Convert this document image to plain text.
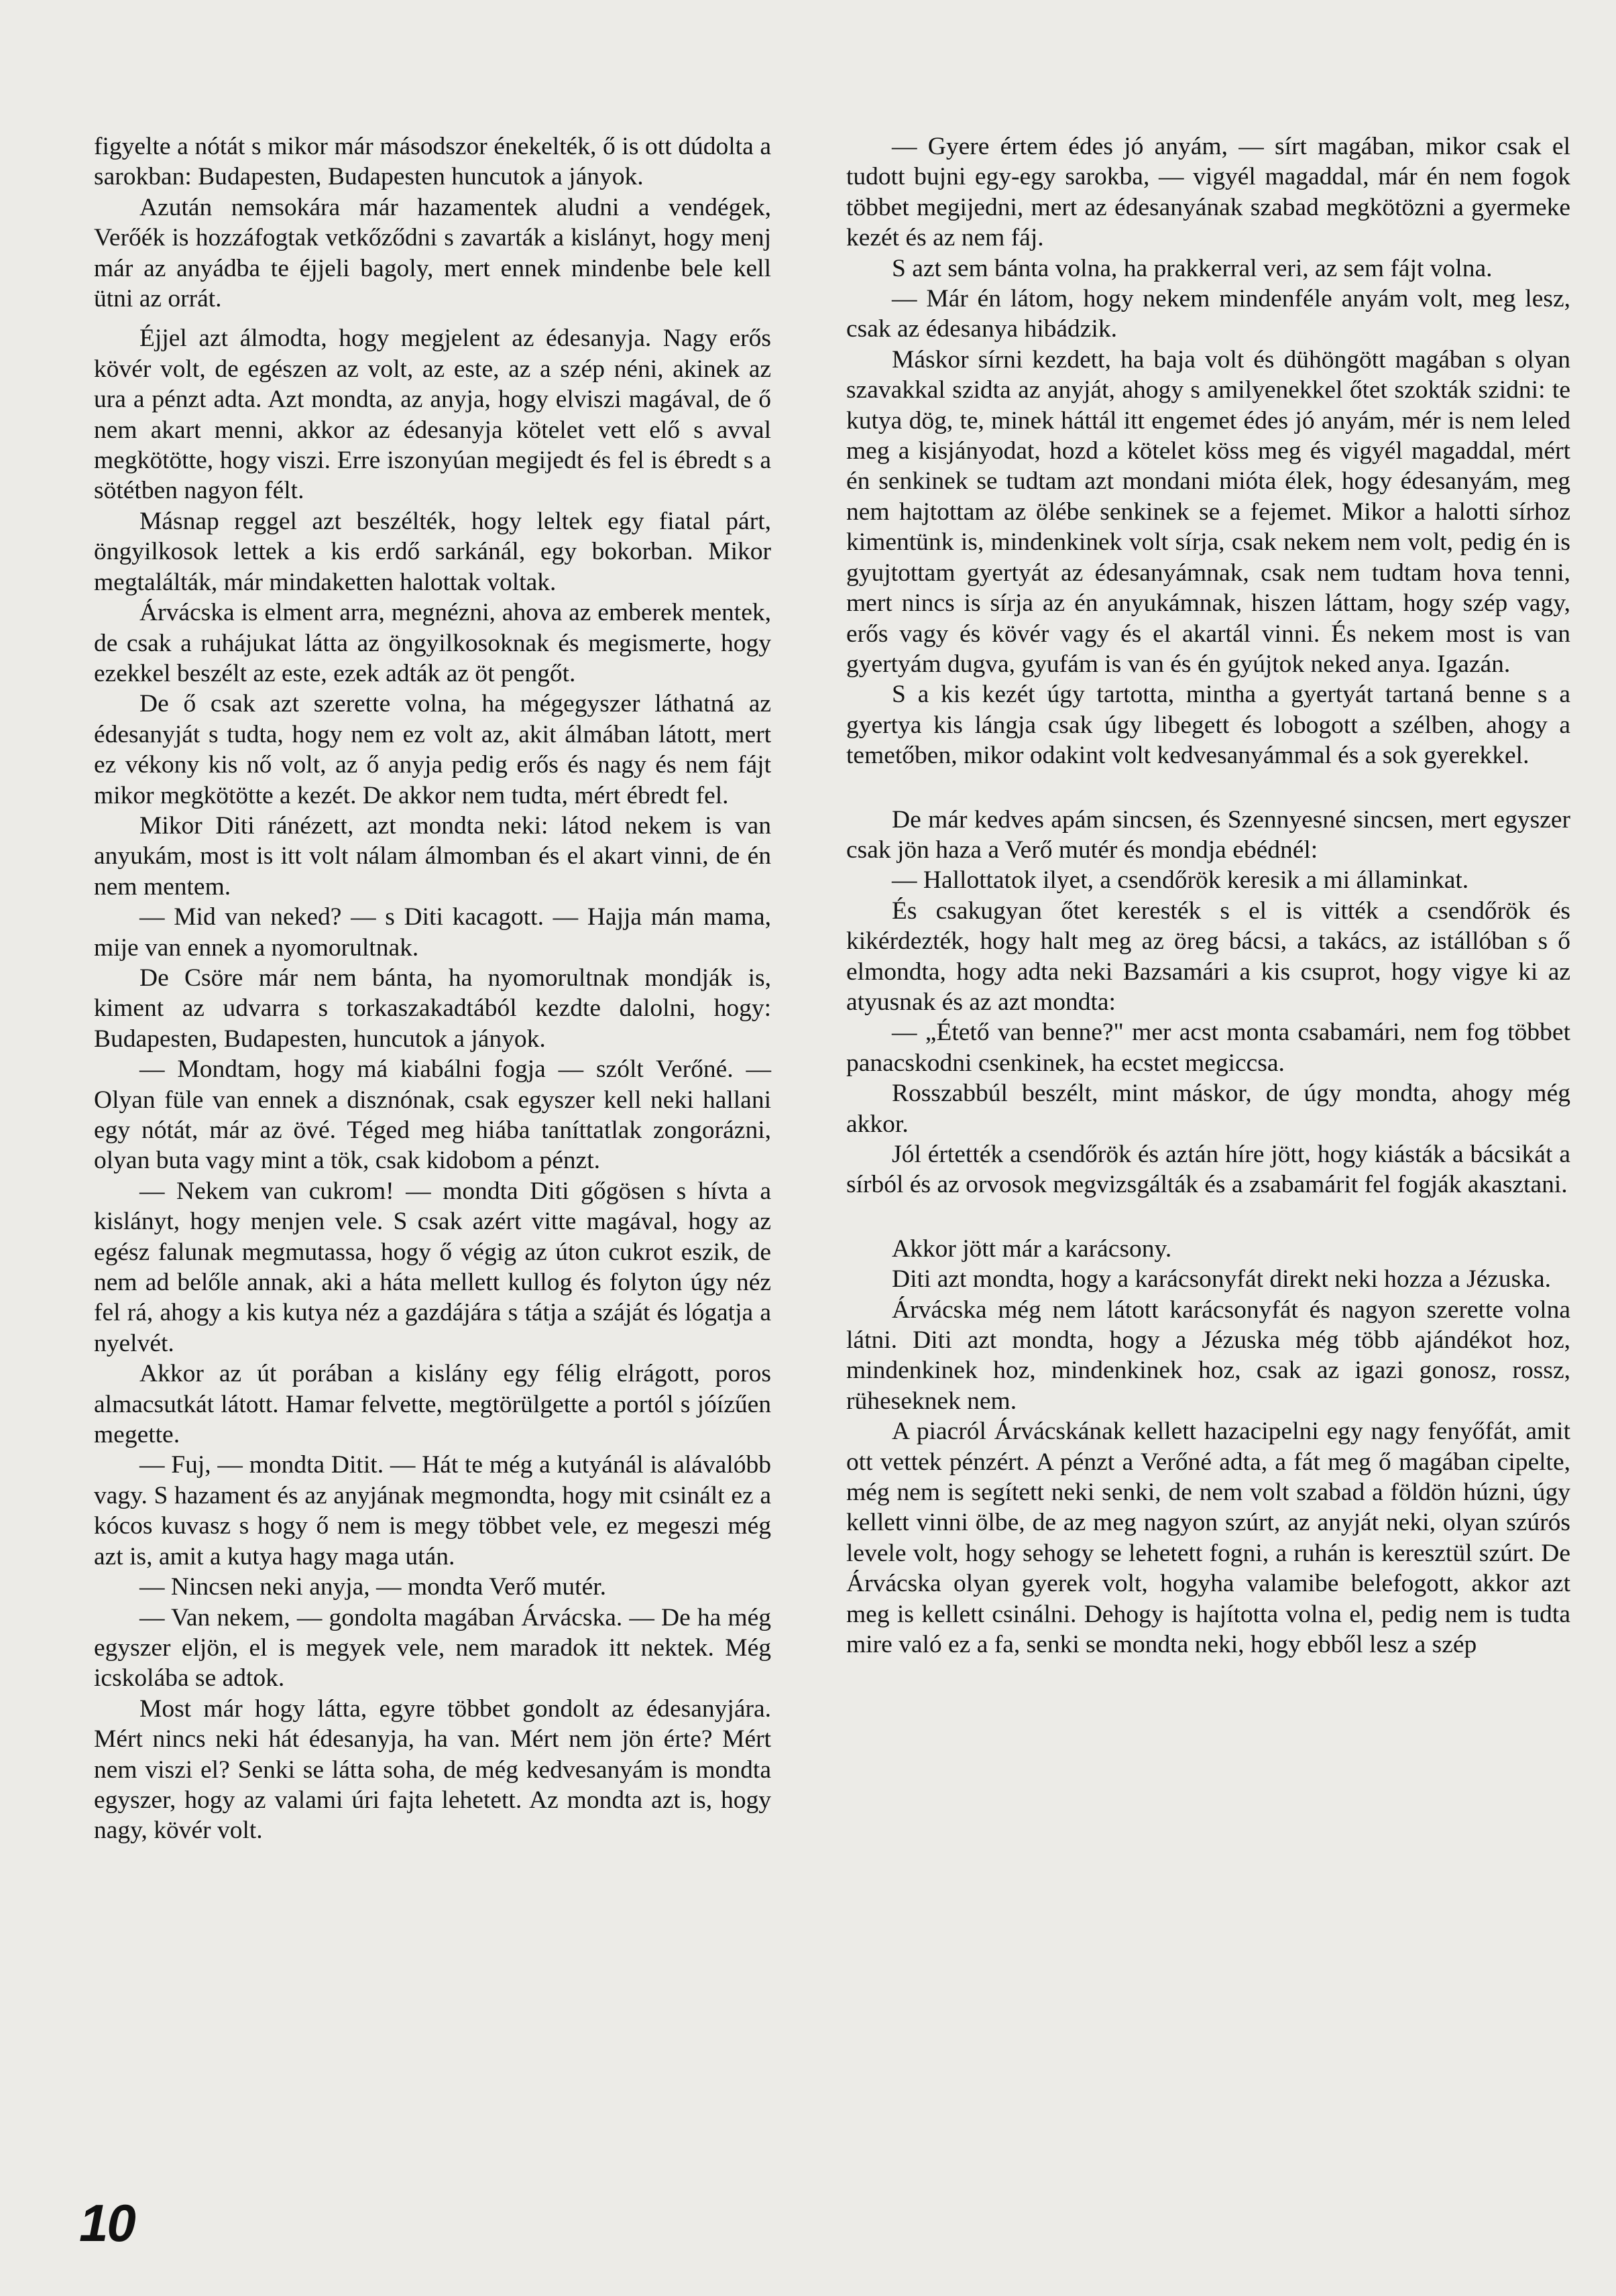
figyelte a nótát s mikor már másodszor énekelték, ő is ott dúdolta a sarokban: Budapesten, Budapesten huncutok a jányok.

Azután nemsokára már hazamentek aludni a vendégek, Verőék is hozzáfogtak vetkőződni s zavarták a kislányt, hogy menj már az anyádba te éjjeli bagoly, mert ennek mindenbe bele kell ütni az orrát.

Éjjel azt álmodta, hogy megjelent az édesanyja. Nagy erős kövér volt, de egészen az volt, az este, az a szép néni, akinek az ura a pénzt adta. Azt mondta, az anyja, hogy elviszi magával, de ő nem akart menni, akkor az édesanyja kötelet vett elő s avval megkötötte, hogy viszi. Erre iszonyúan megijedt és fel is ébredt s a sötétben nagyon félt.

Másnap reggel azt beszélték, hogy leltek egy fiatal párt, öngyilkosok lettek a kis erdő sarkánál, egy bokorban. Mikor megtalálták, már mindaketten halottak voltak.

Árvácska is elment arra, megnézni, ahova az emberek mentek, de csak a ruhájukat látta az öngyilkosoknak és megismerte, hogy ezekkel beszélt az este, ezek adták az öt pengőt.

De ő csak azt szerette volna, ha mégegyszer láthatná az édesanyját s tudta, hogy nem ez volt az, akit álmában látott, mert ez vékony kis nő volt, az ő anyja pedig erős és nagy és nem fájt mikor megkötötte a kezét. De akkor nem tudta, mért ébredt fel.

Mikor Diti ránézett, azt mondta neki: látod nekem is van anyukám, most is itt volt nálam álmomban és el akart vinni, de én nem mentem.

— Mid van neked? — s Diti kacagott. — Hajja mán mama, mije van ennek a nyomorultnak.

De Csöre már nem bánta, ha nyomorultnak mondják is, kiment az udvarra s torkaszakadtából kezdte dalolni, hogy: Budapesten, Budapesten, huncutok a jányok.

— Mondtam, hogy má kiabálni fogja — szólt Verőné. — Olyan füle van ennek a disznónak, csak egyszer kell neki hallani egy nótát, már az övé. Téged meg hiába taníttatlak zongorázni, olyan buta vagy mint a tök, csak kidobom a pénzt.

— Nekem van cukrom! — mondta Diti gőgösen s hívta a kislányt, hogy menjen vele. S csak azért vitte magával, hogy az egész falunak megmutassa, hogy ő végig az úton cukrot eszik, de nem ad belőle annak, aki a háta mellett kullog és folyton úgy néz fel rá, ahogy a kis kutya néz a gazdájára s tátja a száját és lógatja a nyelvét.

Akkor az út porában a kislány egy félig elrágott, poros almacsutkát látott. Hamar felvette, megtörülgette a portól s jóízűen megette.

— Fuj, — mondta Ditit. — Hát te még a kutyánál is alávalóbb vagy. S hazament és az anyjának megmondta, hogy mit csinált ez a kócos kuvasz s hogy ő nem is megy többet vele, ez megeszi még azt is, amit a kutya hagy maga után.

— Nincsen neki anyja, — mondta Verő mutér.

— Van nekem, — gondolta magában Árvácska. — De ha még egyszer eljön, el is megyek vele, nem maradok itt nektek. Még icskolába se adtok.

Most már hogy látta, egyre többet gondolt az édesanyjára. Mért nincs neki hát édesanyja, ha van. Mért nem jön érte? Mért nem viszi el? Senki se látta soha, de még kedvesanyám is mondta egyszer, hogy az valami úri fajta lehetett. Az mondta azt is, hogy nagy, kövér volt.

— Gyere értem édes jó anyám, — sírt magában, mikor csak el tudott bujni egy-egy sarokba, — vigyél magaddal, már én nem fogok többet megijedni, mert az édesanyának szabad megkötözni a gyermeke kezét és az nem fáj.

S azt sem bánta volna, ha prakkerral veri, az sem fájt volna.

— Már én látom, hogy nekem mindenféle anyám volt, meg lesz, csak az édesanya hibádzik.

Máskor sírni kezdett, ha baja volt és dühöngött magában s olyan szavakkal szidta az anyját, ahogy s amilyenekkel őtet szokták szidni: te kutya dög, te, minek háttál itt engemet édes jó anyám, mér is nem leled meg a kisjányodat, hozd a kötelet köss meg és vigyél magaddal, mért én senkinek se tudtam azt mondani mióta élek, hogy édesanyám, meg nem hajtottam az ölébe senkinek se a fejemet. Mikor a halotti sírhoz kimentünk is, mindenkinek volt sírja, csak nekem nem volt, pedig én is gyujtottam gyertyát az édesanyámnak, csak nem tudtam hova tenni, mert nincs is sírja az én anyukámnak, hiszen láttam, hogy szép vagy, erős vagy és kövér vagy és el akartál vinni. És nekem most is van gyertyám dugva, gyufám is van és én gyújtok neked anya. Igazán.

S a kis kezét úgy tartotta, mintha a gyertyát tartaná benne s a gyertya kis lángja csak úgy libegett és lobogott a szélben, ahogy a temetőben, mikor odakint volt kedvesanyámmal és a sok gyerekkel.

De már kedves apám sincsen, és Szennyesné sincsen, mert egyszer csak jön haza a Verő mutér és mondja ebédnél:

— Hallottatok ilyet, a csendőrök keresik a mi államinkat.

És csakugyan őtet keresték s el is vitték a csendőrök és kikérdezték, hogy halt meg az öreg bácsi, a takács, az istállóban s ő elmondta, hogy adta neki Bazsamári a kis csuprot, hogy vigye ki az atyusnak és az azt mondta:

— „Étető van benne?" mer acst monta csabamári, nem fog többet panacskodni csenkinek, ha ecstet megiccsa.

Rosszabbúl beszélt, mint máskor, de úgy mondta, ahogy még akkor.

Jól értették a csendőrök és aztán híre jött, hogy kiásták a bácsikát a sírból és az orvosok megvizsgálták és a zsabamárit fel fogják akasztani.

Akkor jött már a karácsony.

Diti azt mondta, hogy a karácsonyfát direkt neki hozza a Jézuska.

Árvácska még nem látott karácsonyfát és nagyon szerette volna látni. Diti azt mondta, hogy a Jézuska még több ajándékot hoz, mindenkinek hoz, mindenkinek hoz, csak az igazi gonosz, rossz, rüheseknek nem.

A piacról Árvácskának kellett hazacipelni egy nagy fenyőfát, amit ott vettek pénzért. A pénzt a Verőné adta, a fát meg ő magában cipelte, még nem is segített neki senki, de nem volt szabad a földön húzni, úgy kellett vinni ölbe, de az meg nagyon szúrt, az anyját neki, olyan szúrós levele volt, hogy sehogy se lehetett fogni, a ruhán is keresztül szúrt. De Árvácska olyan gyerek volt, hogyha valamibe belefogott, akkor azt meg is kellett csinálni. Dehogy is hajította volna el, pedig nem is tudta mire való ez a fa, senki se mondta neki, hogy ebből lesz a szép

10
